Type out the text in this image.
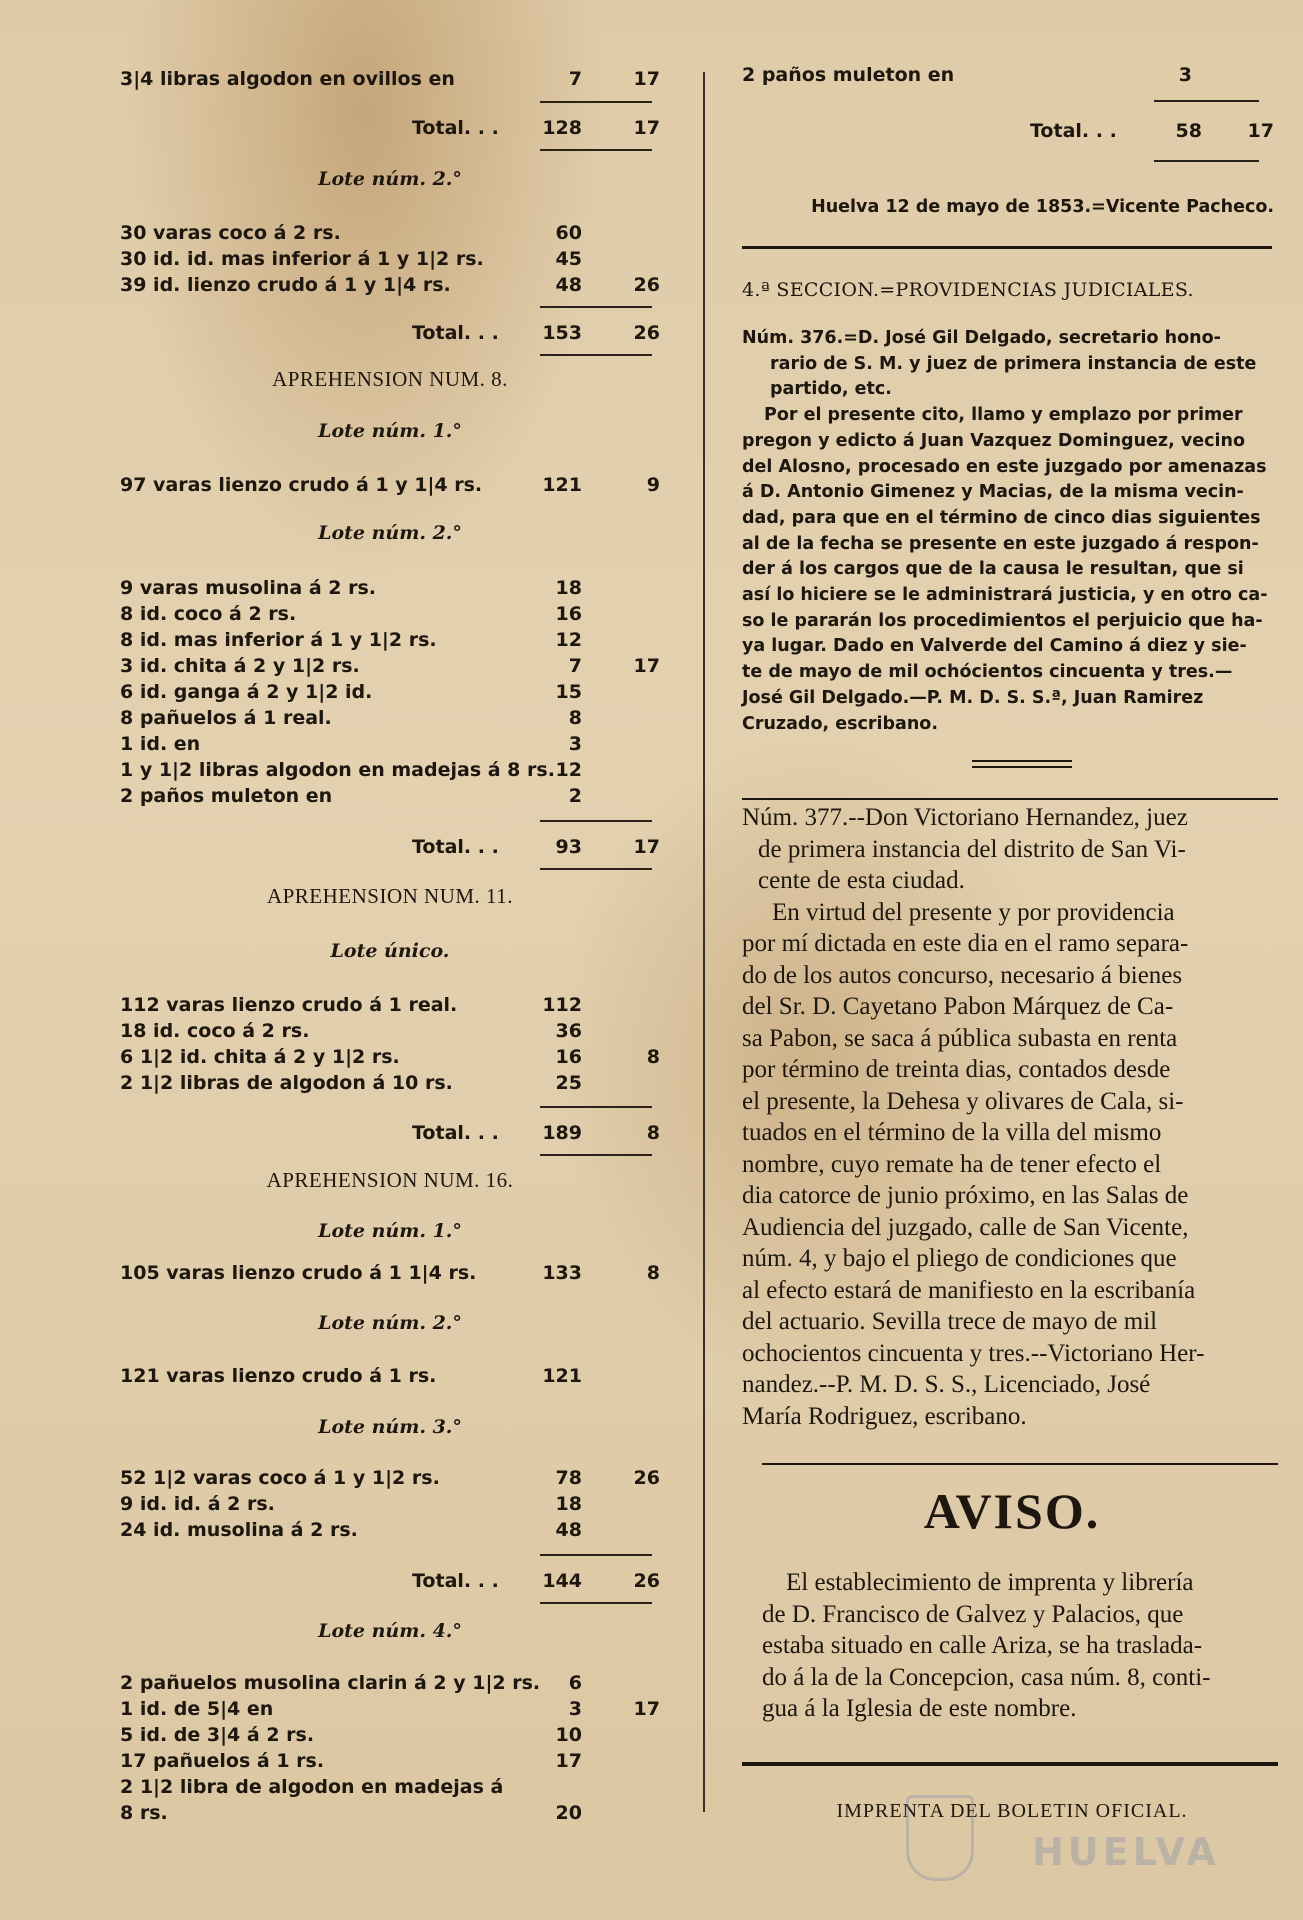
3|4 libras algodon en ovillos en	7	17
Total. . . 128	17
Lote núm. 2.°
30 varas coco á 2 rs.	60
30 id. id. mas inferior á 1 y 1|2 rs.	45
39 id. lienzo crudo á 1 y 1|4 rs.	48	26
Total. . . 153	26
APREHENSION NUM. 8.
Lote núm. 1.°
97 varas lienzo crudo á 1 y 1|4 rs.	121	9
Lote núm. 2.°
9 varas musolina á 2 rs.	18
8 id. coco á 2 rs.	16
8 id. mas inferior á 1 y 1|2 rs.	12
3 id. chita á 2 y 1|2 rs.	7	17
6 id. ganga á 2 y 1|2 id.	15
8 pañuelos á 1 real.	8
1 id. en	3
1 y 1|2 libras algodon en madejas á 8 rs. 12
2 paños muleton en	2
Total. . .	93	17
APREHENSION NUM. 11.
Lote único.
112 varas lienzo crudo á 1 real.	112
18 id. coco á 2 rs.	36
6 1|2 id. chita á 2 y 1|2 rs.	16	8
2 1|2 libras de algodon á 10 rs.	25
Total. . . 189	8
APREHENSION NUM. 16.
Lote núm. 1.°
105 varas lienzo crudo á 1 1|4 rs.	133	8
Lote núm. 2.°
121 varas lienzo crudo á 1 rs.	121
Lote núm. 3.°
52 1|2 varas coco á 1 y 1|2 rs.	78	26
9 id. id. á 2 rs.	18
24 id. musolina á 2 rs.	48
Total. . . 144	26
Lote núm. 4.°
2 pañuelos musolina clarin á 2 y 1|2 rs. 6
1 id. de 5|4 en	3	17
5 id. de 3|4 á 2 rs.	10
17 pañuelos á 1 rs.	17
2 1|2 libra de algodon en madejas á
8 rs.	20
2 paños muleton en	3
Total. . .	58	17
Huelva 12 de mayo de 1853.=Vicente Pacheco.
4.ª SECCION.=PROVIDENCIAS JUDICIALES.
Núm. 376.=D. José Gil Delgado, secretario hono-
rario de S. M. y juez de primera instancia de este
partido, etc.
Por el presente cito, llamo y emplazo por primer
pregon y edicto á Juan Vazquez Dominguez, vecino
del Alosno, procesado en este juzgado por amenazas
á D. Antonio Gimenez y Macias, de la misma vecin-
dad, para que en el término de cinco dias siguientes
al de la fecha se presente en este juzgado á respon-
der á los cargos que de la causa le resultan, que si
así lo hiciere se le administrará justicia, y en otro ca-
so le pararán los procedimientos el perjuicio que ha-
ya lugar. Dado en Valverde del Camino á diez y sie-
te de mayo de mil ochócientos cincuenta y tres.—
José Gil Delgado.—P. M. D. S. S.ª, Juan Ramirez
Cruzado, escribano.
Núm. 377.--Don Victoriano Hernandez, juez
de primera instancia del distrito de San Vi-
cente de esta ciudad.
En virtud del presente y por providencia
por mí dictada en este dia en el ramo separa-
do de los autos concurso, necesario á bienes
del Sr. D. Cayetano Pabon Márquez de Ca-
sa Pabon, se saca á pública subasta en renta
por término de treinta dias, contados desde
el presente, la Dehesa y olivares de Cala, si-
tuados en el término de la villa del mismo
nombre, cuyo remate ha de tener efecto el
dia catorce de junio próximo, en las Salas de
Audiencia del juzgado, calle de San Vicente,
núm. 4, y bajo el pliego de condiciones que
al efecto estará de manifiesto en la escribanía
del actuario. Sevilla trece de mayo de mil
ochocientos cincuenta y tres.--Victoriano Her-
nandez.--P. M. D. S. S., Licenciado, José
María Rodriguez, escribano.
AVISO.
El establecimiento de imprenta y librería
de D. Francisco de Galvez y Palacios, que
estaba situado en calle Ariza, se ha traslada-
do á la de la Concepcion, casa núm. 8, conti-
gua á la Iglesia de este nombre.
IMPRENTA DEL BOLETIN OFICIAL.
HUELVA
